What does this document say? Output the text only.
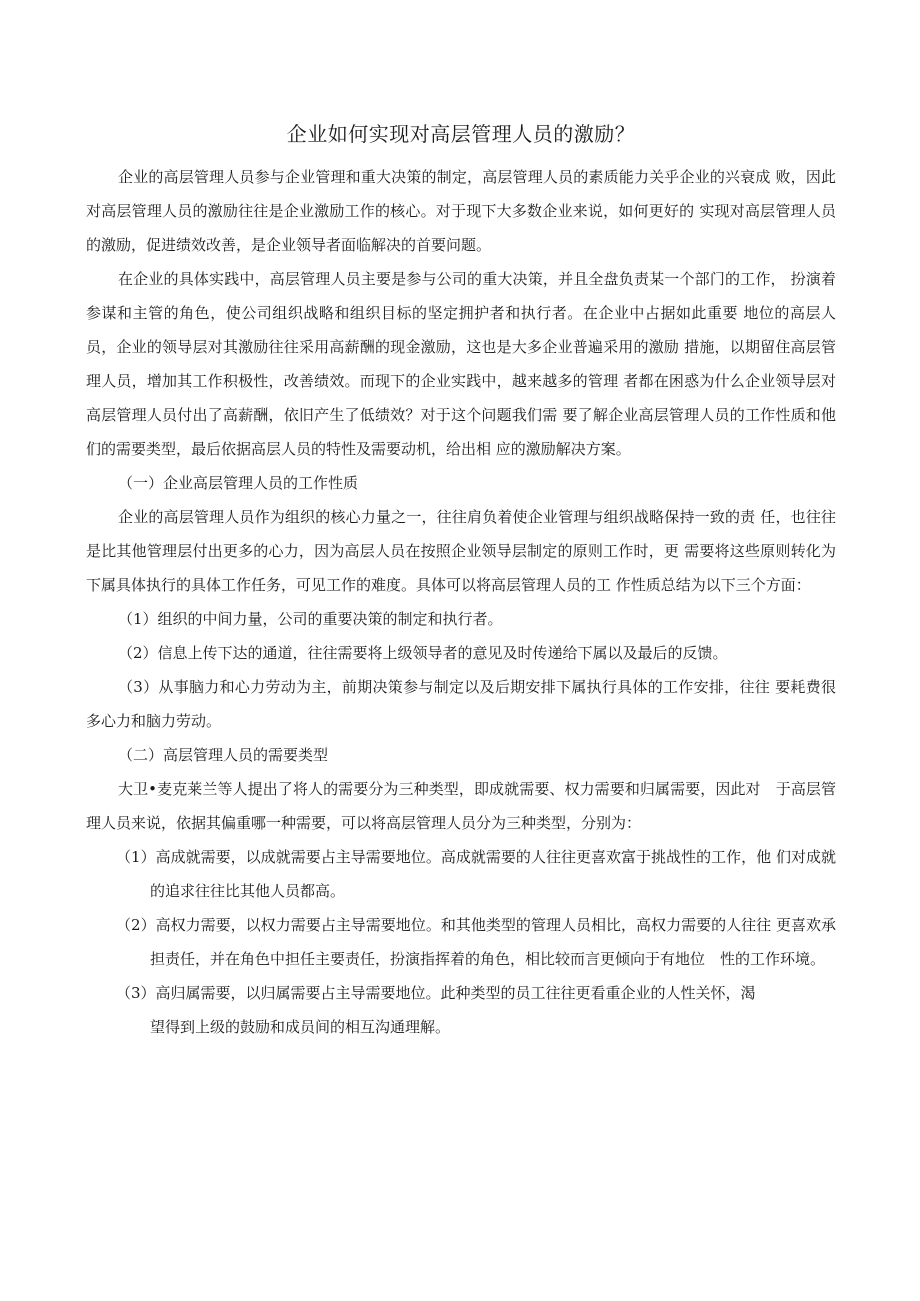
企业如何实现对高层管理人员的激励？

企业的高层管理人员参与企业管理和重大决策的制定，高层管理人员的素质能力关乎企业的兴衰成 败，因此对高层管理人员的激励往往是企业激励工作的核心。对于现下大多数企业来说，如何更好的 实现对高层管理人员的激励，促进绩效改善，是企业领导者面临解决的首要问题。

在企业的具体实践中，高层管理人员主要是参与公司的重大决策，并且全盘负责某一个部门的工作， 扮演着参谋和主管的角色，使公司组织战略和组织目标的坚定拥护者和执行者。在企业中占据如此重要 地位的高层人员，企业的领导层对其激励往往采用高薪酬的现金激励，这也是大多企业普遍采用的激励 措施，以期留住高层管理人员，增加其工作积极性，改善绩效。而现下的企业实践中，越来越多的管理 者都在困惑为什么企业领导层对高层管理人员付出了高薪酬，依旧产生了低绩效？对于这个问题我们需 要了解企业高层管理人员的工作性质和他们的需要类型，最后依据高层人员的特性及需要动机，给出相 应的激励解决方案。

（一）企业高层管理人员的工作性质

企业的高层管理人员作为组织的核心力量之一，往往肩负着使企业管理与组织战略保持一致的责 任，也往往是比其他管理层付出更多的心力，因为高层人员在按照企业领导层制定的原则工作时，更 需要将这些原则转化为下属具体执行的具体工作任务，可见工作的难度。具体可以将高层管理人员的工 作性质总结为以下三个方面：

（1）组织的中间力量，公司的重要决策的制定和执行者。

（2）信息上传下达的通道，往往需要将上级领导者的意见及时传递给下属以及最后的反馈。

（3）从事脑力和心力劳动为主，前期决策参与制定以及后期安排下属执行具体的工作安排，往往 要耗费很多心力和脑力劳动。

（二）高层管理人员的需要类型

大卫•麦克莱兰等人提出了将人的需要分为三种类型，即成就需要、权力需要和归属需要，因此对　于高层管理人员来说，依据其偏重哪一种需要，可以将高层管理人员分为三种类型，分别为：

（1）高成就需要，以成就需要占主导需要地位。高成就需要的人往往更喜欢富于挑战性的工作，他 们对成就的追求往往比其他人员都高。

（2）高权力需要，以权力需要占主导需要地位。和其他类型的管理人员相比，高权力需要的人往往 更喜欢承担责任，并在角色中担任主要责任，扮演指挥着的角色，相比较而言更倾向于有地位　性的工作环境。

（3）高归属需要，以归属需要占主导需要地位。此种类型的员工往往更看重企业的人性关怀，渴

望得到上级的鼓励和成员间的相互沟通理解。
